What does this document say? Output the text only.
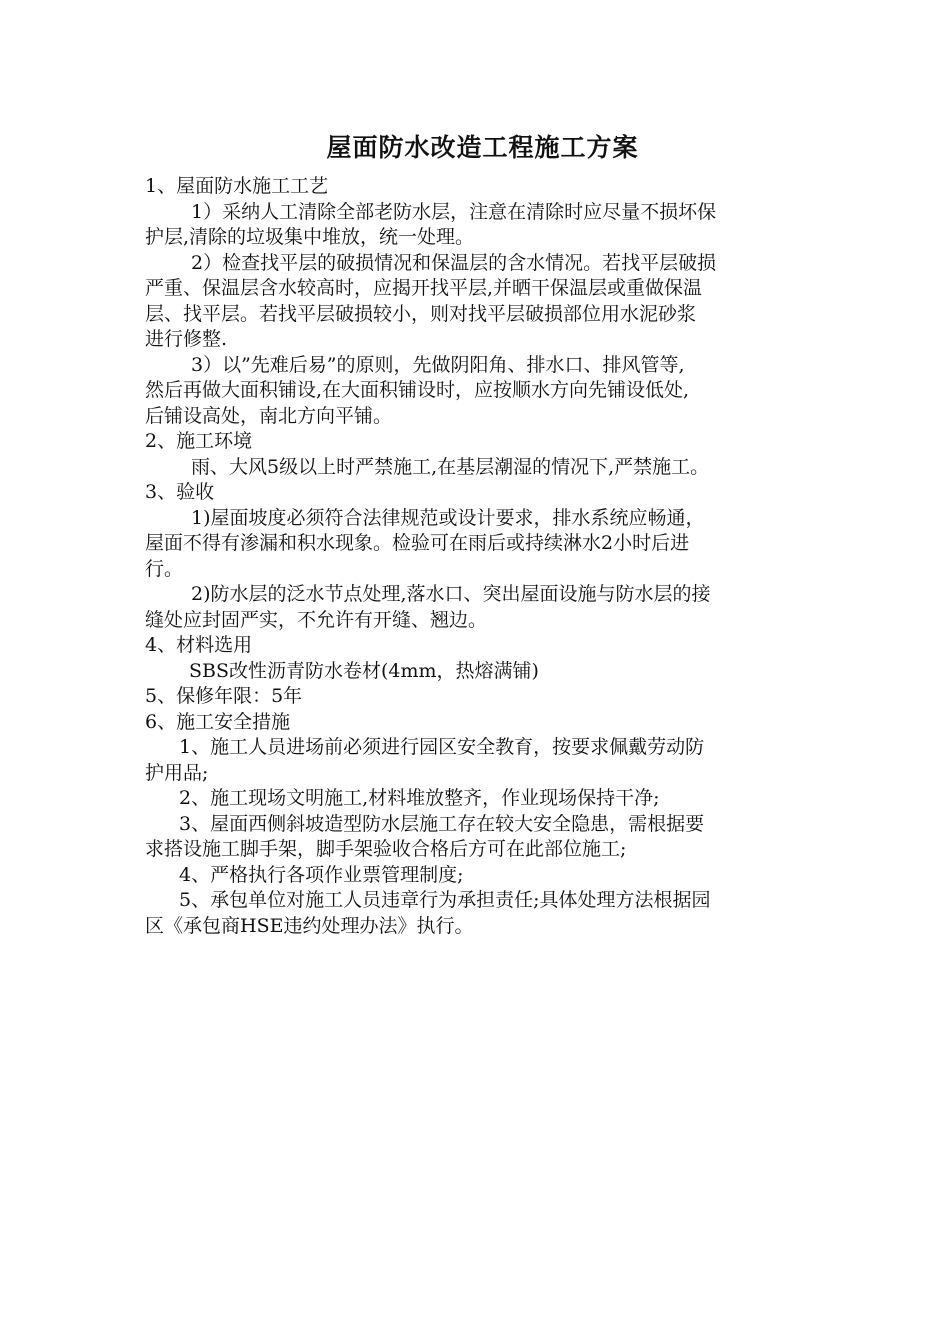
屋面防水改造工程施工方案

1、屋面防水施工工艺

1）采纳人工清除全部老防水层，注意在清除时应尽量不损坏保
护层,清除的垃圾集中堆放，统一处理。
2）检查找平层的破损情况和保温层的含水情况。若找平层破损
严重、保温层含水较高时，应揭开找平层,并晒干保温层或重做保温
层、找平层。若找平层破损较小，则对找平层破损部位用水泥砂浆
进行修整.
3）以”先难后易”的原则，先做阴阳角、排水口、排风管等,
然后再做大面积铺设,在大面积铺设时，应按顺水方向先铺设低处,
后铺设高处，南北方向平铺。

2、施工环境

雨、大风5级以上时严禁施工,在基层潮湿的情况下,严禁施工。

3、验收

1)屋面坡度必须符合法律规范或设计要求，排水系统应畅通，
屋面不得有渗漏和积水现象。检验可在雨后或持续淋水2小时后进
行。
2)防水层的泛水节点处理,落水口、突出屋面设施与防水层的接
缝处应封固严实，不允许有开缝、翘边。

4、材料选用

SBS改性沥青防水卷材(4mm，热熔满铺)

5、保修年限：5年

6、施工安全措施

1、施工人员进场前必须进行园区安全教育，按要求佩戴劳动防
护用品;

2、施工现场文明施工,材料堆放整齐，作业现场保持干净;

3、屋面西侧斜坡造型防水层施工存在较大安全隐患，需根据要
求搭设施工脚手架，脚手架验收合格后方可在此部位施工;

4、严格执行各项作业票管理制度;

5、承包单位对施工人员违章行为承担责任;具体处理方法根据园
区《承包商HSE违约处理办法》执行。
